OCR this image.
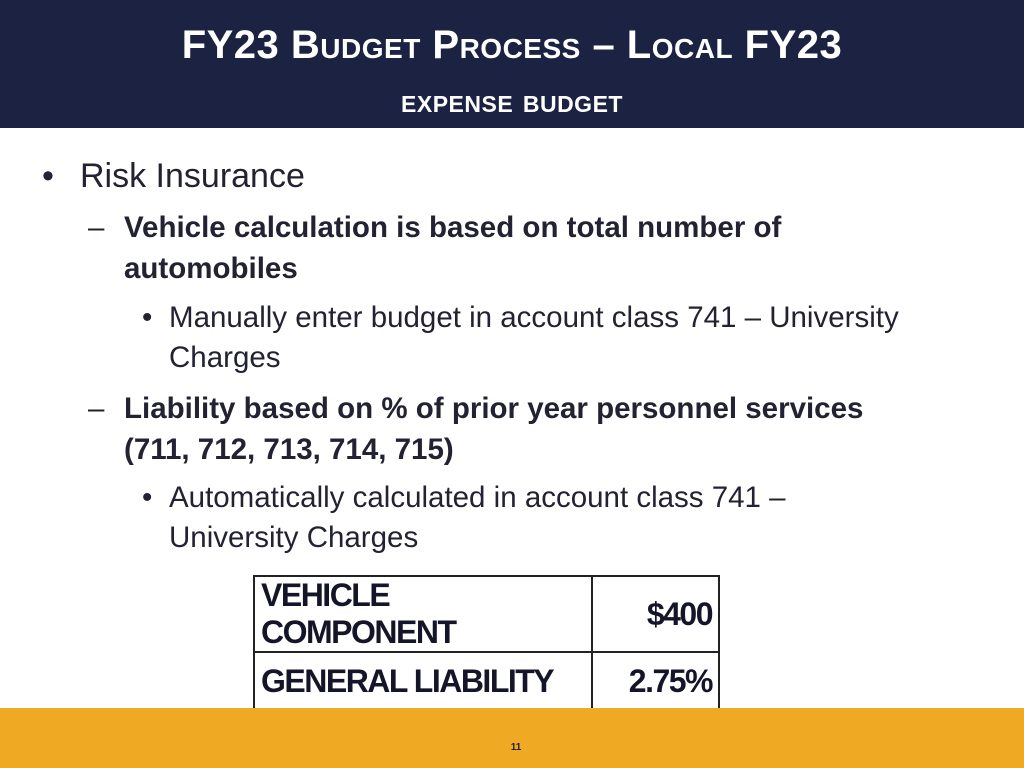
FY23 Budget Process – Local FY23
expense budget
• Risk Insurance
– Vehicle calculation is based on total number of automobiles
• Manually enter budget in account class 741 – University Charges
– Liability based on % of prior year personnel services (711, 712, 713, 714, 715)
• Automatically calculated in account class 741 – University Charges
VEHICLE COMPONENT	$400
GENERAL LIABILITY	2.75%
11
